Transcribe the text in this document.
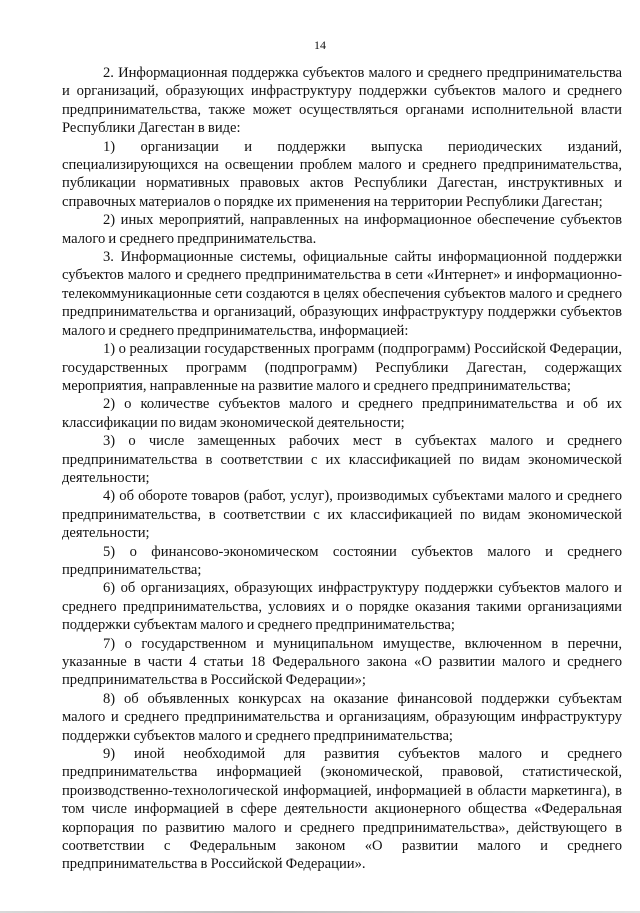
14

2. Информационная поддержка субъектов малого и среднего предпринимательства и организаций, образующих инфраструктуру поддержки субъектов малого и среднего предпринимательства, также может осуществляться органами исполнительной власти Республики Дагестан в виде:

1) организации и поддержки выпуска периодических изданий, специализирующихся на освещении проблем малого и среднего предпринимательства, публикации нормативных правовых актов Республики Дагестан, инструктивных и справочных материалов о порядке их применения на территории Республики Дагестан;

2) иных мероприятий, направленных на информационное обеспечение субъектов малого и среднего предпринимательства.

3. Информационные системы, официальные сайты информационной поддержки субъектов малого и среднего предпринимательства в сети «Интернет» и информационно-телекоммуникационные сети создаются в целях обеспечения субъектов малого и среднего предпринимательства и организаций, образующих инфраструктуру поддержки субъектов малого и среднего предпринимательства, информацией:

1) о реализации государственных программ (подпрограмм) Российской Федерации, государственных программ (подпрограмм) Республики Дагестан, содержащих мероприятия, направленные на развитие малого и среднего предпринимательства;

2) о количестве субъектов малого и среднего предпринимательства и об их классификации по видам экономической деятельности;

3) о числе замещенных рабочих мест в субъектах малого и среднего предпринимательства в соответствии с их классификацией по видам экономической деятельности;

4) об обороте товаров (работ, услуг), производимых субъектами малого и среднего предпринимательства, в соответствии с их классификацией по видам экономической деятельности;

5) о финансово-экономическом состоянии субъектов малого и среднего предпринимательства;

6) об организациях, образующих инфраструктуру поддержки субъектов малого и среднего предпринимательства, условиях и о порядке оказания такими организациями поддержки субъектам малого и среднего предпринимательства;

7) о государственном и муниципальном имуществе, включенном в перечни, указанные в части 4 статьи 18 Федерального закона «О развитии малого и среднего предпринимательства в Российской Федерации»;

8) об объявленных конкурсах на оказание финансовой поддержки субъектам малого и среднего предпринимательства и организациям, образующим инфраструктуру поддержки субъектов малого и среднего предпринимательства;

9) иной необходимой для развития субъектов малого и среднего предпринимательства информацией (экономической, правовой, статистической, производственно-технологической информацией, информацией в области маркетинга), в том числе информацией в сфере деятельности акционерного общества «Федеральная корпорация по развитию малого и среднего предпринимательства», действующего в соответствии с Федеральным законом «О развитии малого и среднего предпринимательства в Российской Федерации».
